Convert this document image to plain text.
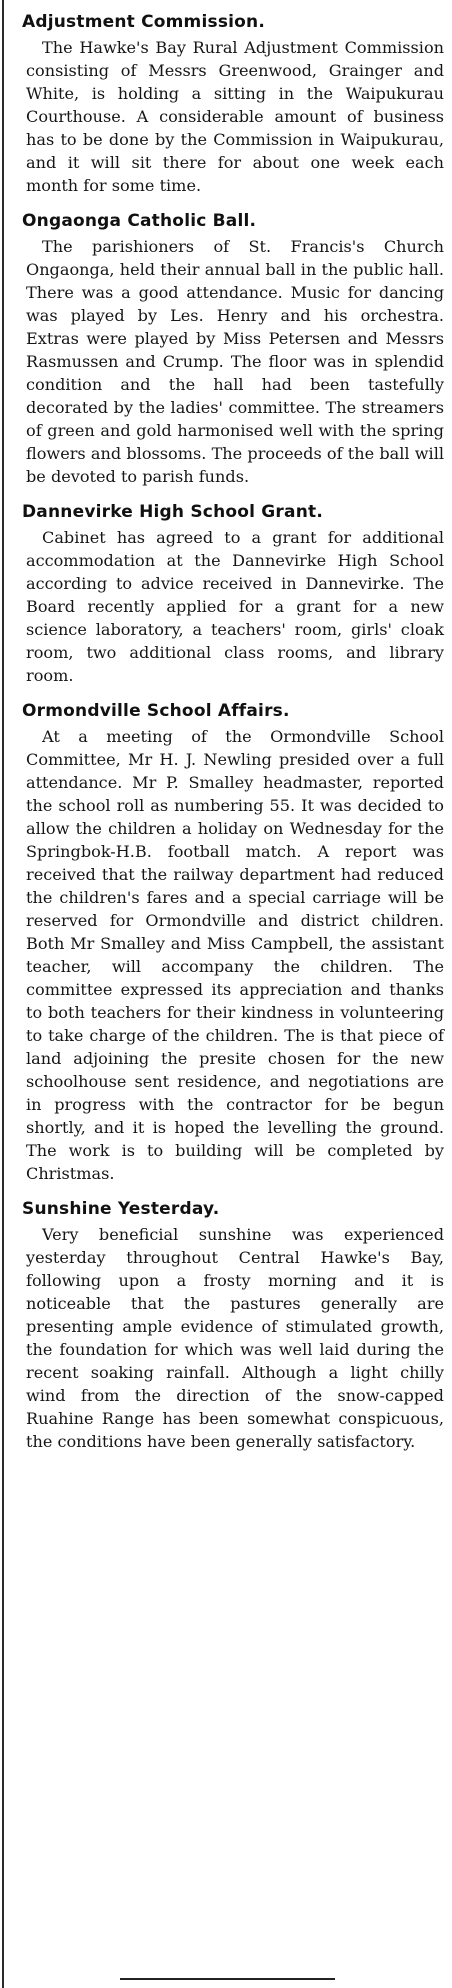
Adjustment Commission.

The Hawke's Bay Rural Adjustment Commission consisting of Messrs Greenwood, Grainger and White, is holding a sitting in the Waipukurau Courthouse. A considerable amount of business has to be done by the Commission in Waipukurau, and it will sit there for about one week each month for some time.

Ongaonga Catholic Ball.

The parishioners of St. Francis's Church Ongaonga, held their annual ball in the public hall. There was a good attendance. Music for dancing was played by Les. Henry and his orchestra. Extras were played by Miss Petersen and Messrs Rasmussen and Crump. The floor was in splendid condition and the hall had been tastefully decorated by the ladies' committee. The streamers of green and gold harmonised well with the spring flowers and blossoms. The proceeds of the ball will be devoted to parish funds.

Dannevirke High School Grant.

Cabinet has agreed to a grant for additional accommodation at the Dannevirke High School according to advice received in Dannevirke. The Board recently applied for a grant for a new science laboratory, a teachers' room, girls' cloak room, two additional class rooms, and library room.

Ormondville School Affairs.

At a meeting of the Ormondville School Committee, Mr H. J. Newling presided over a full attendance. Mr P. Smalley headmaster, reported the school roll as numbering 55. It was decided to allow the children a holiday on Wednesday for the Springbok-H.B. football match. A report was received that the railway department had reduced the children's fares and a special carriage will be reserved for Ormondville and district children. Both Mr Smalley and Miss Campbell, the assistant teacher, will accompany the children. The committee expressed its appreciation and thanks to both teachers for their kindness in volunteering to take charge of the children. The is that piece of land adjoining the presite chosen for the new schoolhouse sent residence, and negotiations are in progress with the contractor for be begun shortly, and it is hoped the levelling the ground. The work is to building will be completed by Christmas.

Sunshine Yesterday.

Very beneficial sunshine was experienced yesterday throughout Central Hawke's Bay, following upon a frosty morning and it is noticeable that the pastures generally are presenting ample evidence of stimulated growth, the foundation for which was well laid during the recent soaking rainfall. Although a light chilly wind from the direction of the snow-capped Ruahine Range has been somewhat conspicuous, the conditions have been generally satisfactory.
